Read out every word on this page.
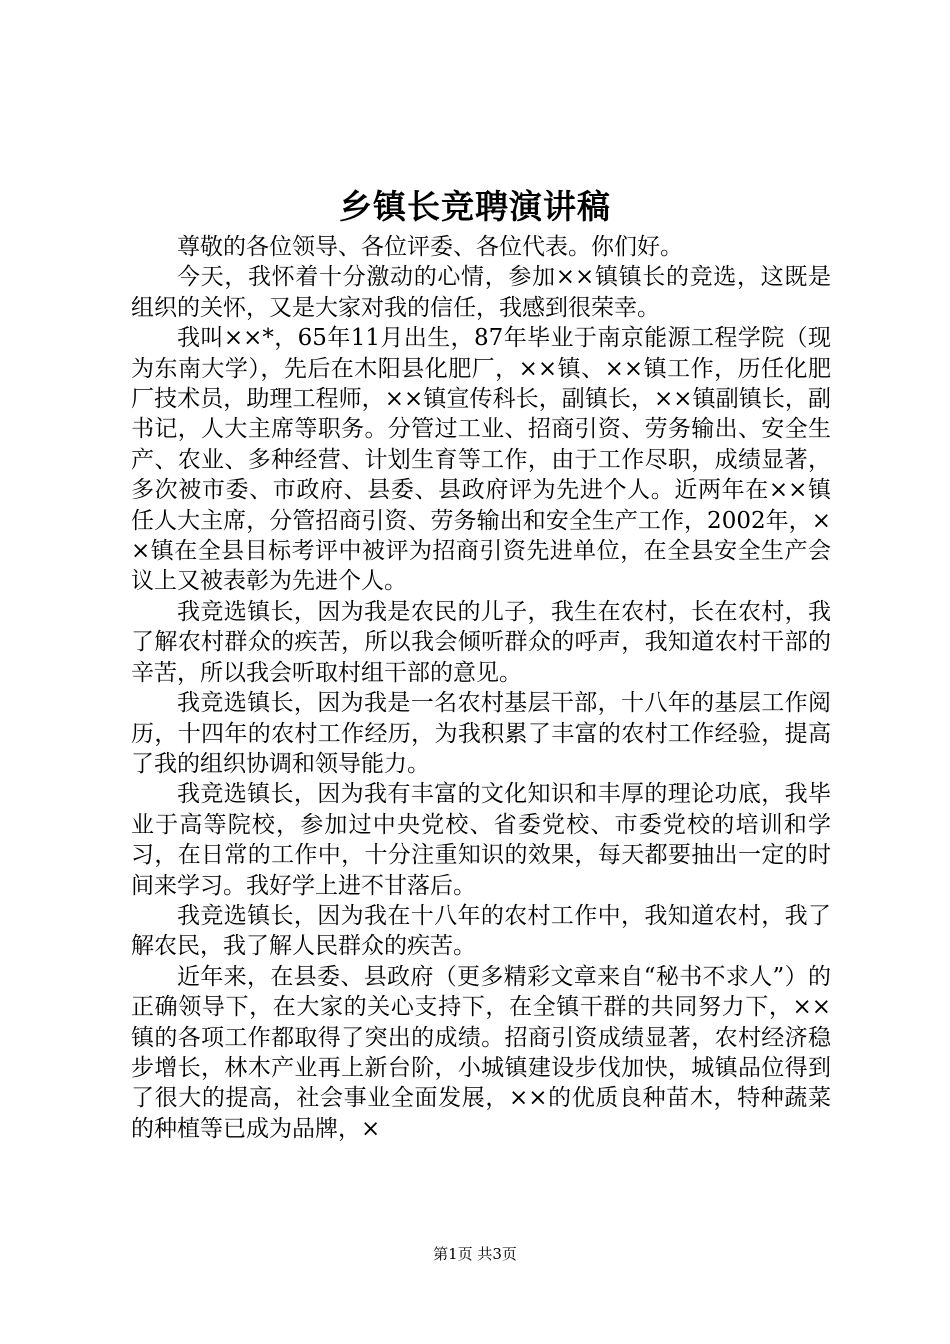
乡镇长竞聘演讲稿

尊敬的各位领导、各位评委、各位代表。你们好。

今天，我怀着十分激动的心情，参加××镇镇长的竞选，这既是组织的关怀，又是大家对我的信任，我感到很荣幸。

我叫××*，65年11月出生，87年毕业于南京能源工程学院（现为东南大学），先后在木阳县化肥厂，××镇、××镇工作，历任化肥厂技术员，助理工程师，××镇宣传科长，副镇长，××镇副镇长，副书记，人大主席等职务。分管过工业、招商引资、劳务输出、安全生产、农业、多种经营、计划生育等工作，由于工作尽职，成绩显著，多次被市委、市政府、县委、县政府评为先进个人。近两年在××镇任人大主席，分管招商引资、劳务输出和安全生产工作，2002年，××镇在全县目标考评中被评为招商引资先进单位，在全县安全生产会议上又被表彰为先进个人。

我竞选镇长，因为我是农民的儿子，我生在农村，长在农村，我了解农村群众的疾苦，所以我会倾听群众的呼声，我知道农村干部的辛苦，所以我会听取村组干部的意见。

我竞选镇长，因为我是一名农村基层干部，十八年的基层工作阅历，十四年的农村工作经历，为我积累了丰富的农村工作经验，提高了我的组织协调和领导能力。

我竞选镇长，因为我有丰富的文化知识和丰厚的理论功底，我毕业于高等院校，参加过中央党校、省委党校、市委党校的培训和学习，在日常的工作中，十分注重知识的效果，每天都要抽出一定的时间来学习。我好学上进不甘落后。

我竞选镇长，因为我在十八年的农村工作中，我知道农村，我了解农民，我了解人民群众的疾苦。

近年来，在县委、县政府（更多精彩文章来自“秘书不求人”）的正确领导下，在大家的关心支持下，在全镇干群的共同努力下，××镇的各项工作都取得了突出的成绩。招商引资成绩显著，农村经济稳步增长，林木产业再上新台阶，小城镇建设步伐加快，城镇品位得到了很大的提高，社会事业全面发展，××的优质良种苗木，特种蔬菜的种植等已成为品牌，×

第1页 共3页
